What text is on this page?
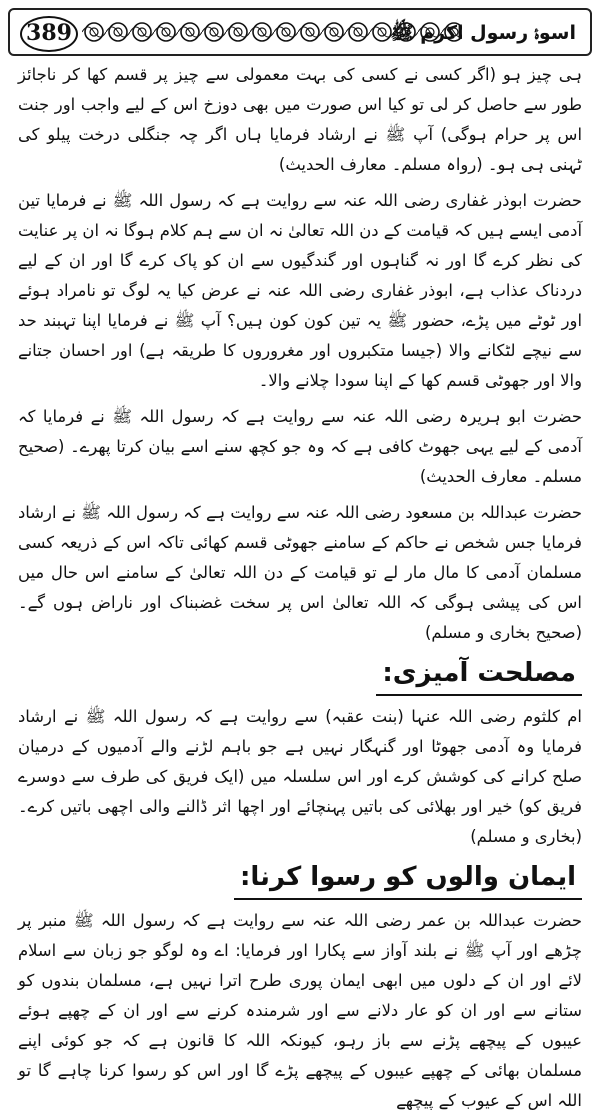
389	اسوۂ رسول اکرم ﷺ

ہی چیز ہو (اگر کسی نے کسی کی بہت معمولی سے چیز پر قسم کھا کر ناجائز طور سے حاصل کر لی تو کیا اس صورت میں بھی دوزخ اس کے لیے واجب اور جنت اس پر حرام ہوگی) آپ ﷺ نے ارشاد فرمایا ہاں اگر چہ جنگلی درخت پیلو کی ٹہنی ہی ہو۔ (رواہ مسلم۔ معارف الحدیث)

حضرت ابوذر غفاری رضی اللہ عنہ سے روایت ہے کہ رسول اللہ ﷺ نے فرمایا تین آدمی ایسے ہیں کہ قیامت کے دن اللہ تعالیٰ نہ ان سے ہم کلام ہوگا نہ ان پر عنایت کی نظر کرے گا اور نہ گناہوں اور گندگیوں سے ان کو پاک کرے گا اور ان کے لیے دردناک عذاب ہے، ابوذر غفاری رضی اللہ عنہ نے عرض کیا یہ لوگ تو نامراد ہوئے اور ٹوٹے میں پڑے، حضور ﷺ یہ تین کون کون ہیں؟ آپ ﷺ نے فرمایا اپنا تہبند حد سے نیچے لٹکانے والا (جیسا متکبروں اور مغروروں کا طریقہ ہے) اور احسان جتانے والا اور جھوٹی قسم کھا کے اپنا سودا چلانے والا۔

حضرت ابو ہریرہ رضی اللہ عنہ سے روایت ہے کہ رسول اللہ ﷺ نے فرمایا کہ آدمی کے لیے یہی جھوٹ کافی ہے کہ وہ جو کچھ سنے اسے بیان کرتا پھرے۔ (صحیح مسلم۔ معارف الحدیث)

حضرت عبداللہ بن مسعود رضی اللہ عنہ سے روایت ہے کہ رسول اللہ ﷺ نے ارشاد فرمایا جس شخص نے حاکم کے سامنے جھوٹی قسم کھائی تاکہ اس کے ذریعہ کسی مسلمان آدمی کا مال مار لے تو قیامت کے دن اللہ تعالیٰ کے سامنے اس حال میں اس کی پیشی ہوگی کہ اللہ تعالیٰ اس پر سخت غضبناک اور ناراض ہوں گے۔ (صحیح بخاری و مسلم)

مصلحت آمیزی:

ام کلثوم رضی اللہ عنہا (بنت عقبہ) سے روایت ہے کہ رسول اللہ ﷺ نے ارشاد فرمایا وہ آدمی جھوٹا اور گنہگار نہیں ہے جو باہم لڑنے والے آدمیوں کے درمیان صلح کرانے کی کوشش کرے اور اس سلسلہ میں (ایک فریق کی طرف سے دوسرے فریق کو) خیر اور بھلائی کی باتیں پہنچائے اور اچھا اثر ڈالنے والی اچھی باتیں کرے۔ (بخاری و مسلم)

ایمان والوں کو رسوا کرنا:

حضرت عبداللہ بن عمر رضی اللہ عنہ سے روایت ہے کہ رسول اللہ ﷺ منبر پر چڑھے اور آپ ﷺ نے بلند آواز سے پکارا اور فرمایا: اے وہ لوگو جو زبان سے اسلام لائے اور ان کے دلوں میں ابھی ایمان پوری طرح اترا نہیں ہے، مسلمان بندوں کو ستانے سے اور ان کو عار دلانے سے اور شرمندہ کرنے سے اور ان کے چھپے ہوئے عیبوں کے پیچھے پڑنے سے باز رہو، کیونکہ اللہ کا قانون ہے کہ جو کوئی اپنے مسلمان بھائی کے چھپے عیبوں کے پیچھے پڑے گا اور اس کو رسوا کرنا چاہے گا تو اللہ اس کے عیوب کے پیچھے
